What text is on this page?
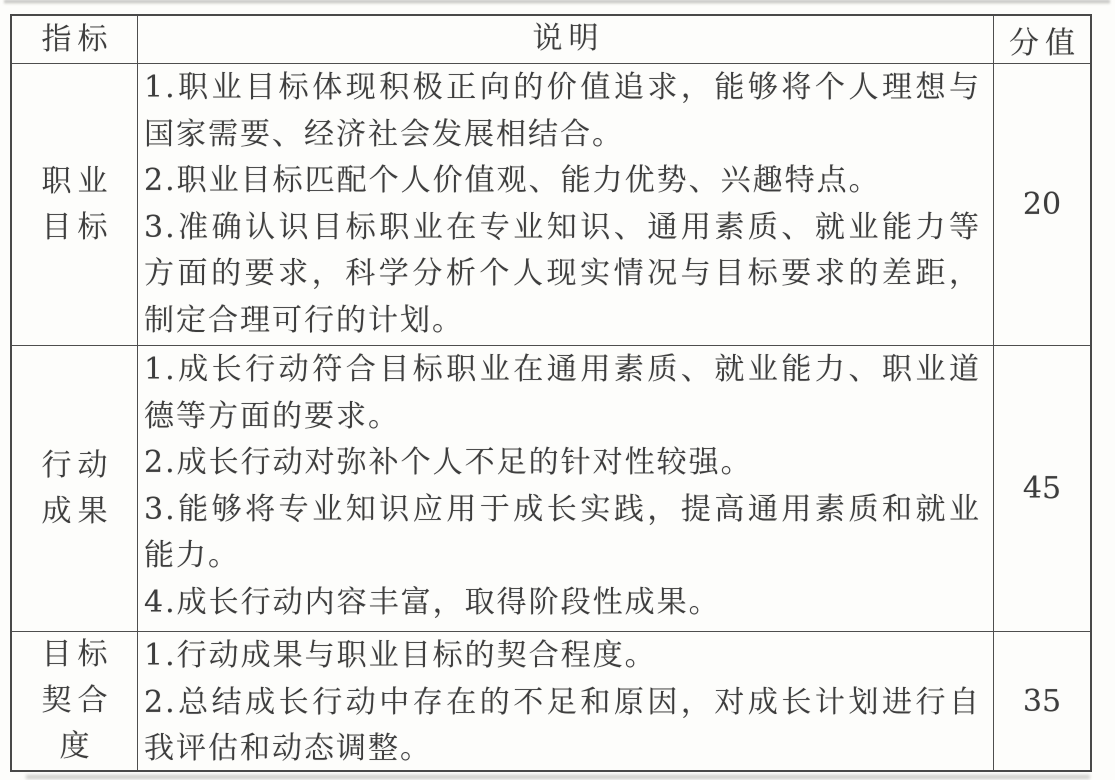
指标	说明	分值
职业
目标
1.职业目标体现积极正向的价值追求，能够将个人理想与
国家需要、经济社会发展相结合。
2.职业目标匹配个人价值观、能力优势、兴趣特点。
3.准确认识目标职业在专业知识、通用素质、就业能力等
方面的要求，科学分析个人现实情况与目标要求的差距，
制定合理可行的计划。
20
行动
成果
1.成长行动符合目标职业在通用素质、就业能力、职业道
德等方面的要求。
2.成长行动对弥补个人不足的针对性较强。
3.能够将专业知识应用于成长实践，提高通用素质和就业
能力。
4.成长行动内容丰富，取得阶段性成果。
45
目标
契合
度
1.行动成果与职业目标的契合程度。
2.总结成长行动中存在的不足和原因，对成长计划进行自
我评估和动态调整。
35
